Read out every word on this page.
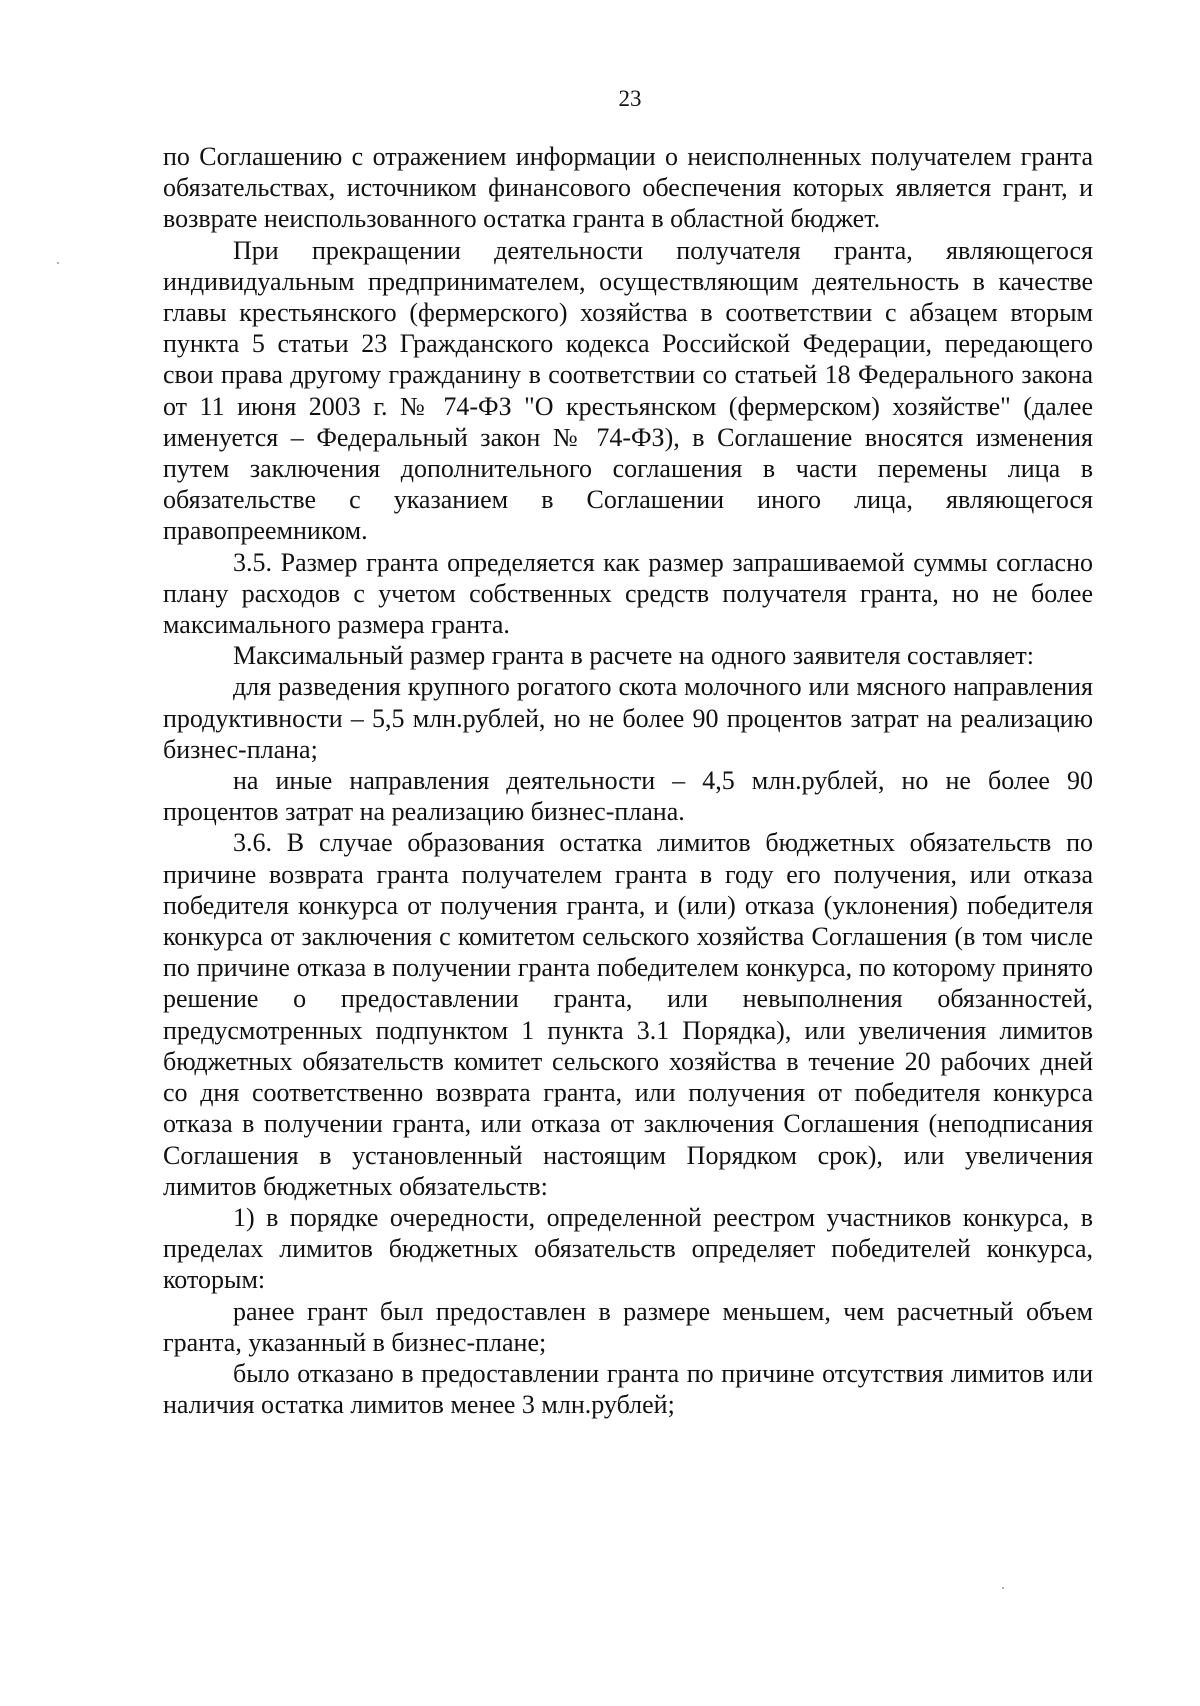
23

по Соглашению с отражением информации о неисполненных получателем гранта обязательствах, источником финансового обеспечения которых является грант, и возврате неиспользованного остатка гранта в областной бюджет.

При прекращении деятельности получателя гранта, являющегося индивидуальным предпринимателем, осуществляющим деятельность в качестве главы крестьянского (фермерского) хозяйства в соответствии с абзацем вторым пункта 5 статьи 23 Гражданского кодекса Российской Федерации, передающего свои права другому гражданину в соответствии со статьей 18 Федерального закона от 11 июня 2003 г. № 74-ФЗ "О крестьянском (фермерском) хозяйстве" (далее именуется – Федеральный закон № 74-ФЗ), в Соглашение вносятся изменения путем заключения дополнительного соглашения в части перемены лица в обязательстве с указанием в Соглашении иного лица, являющегося правопреемником.

3.5. Размер гранта определяется как размер запрашиваемой суммы согласно плану расходов с учетом собственных средств получателя гранта, но не более максимального размера гранта.

Максимальный размер гранта в расчете на одного заявителя составляет:

для разведения крупного рогатого скота молочного или мясного направления продуктивности – 5,5 млн.рублей, но не более 90 процентов затрат на реализацию бизнес-плана;

на иные направления деятельности – 4,5 млн.рублей, но не более 90 процентов затрат на реализацию бизнес-плана.

3.6. В случае образования остатка лимитов бюджетных обязательств по причине возврата гранта получателем гранта в году его получения, или отказа победителя конкурса от получения гранта, и (или) отказа (уклонения) победителя конкурса от заключения с комитетом сельского хозяйства Соглашения (в том числе по причине отказа в получении гранта победителем конкурса, по которому принято решение о предоставлении гранта, или невыполнения обязанностей, предусмотренных подпунктом 1 пункта 3.1 Порядка), или увеличения лимитов бюджетных обязательств комитет сельского хозяйства в течение 20 рабочих дней со дня соответственно возврата гранта, или получения от победителя конкурса отказа в получении гранта, или отказа от заключения Соглашения (неподписания Соглашения в установленный настоящим Порядком срок), или увеличения лимитов бюджетных обязательств:

1) в порядке очередности, определенной реестром участников конкурса, в пределах лимитов бюджетных обязательств определяет победителей конкурса, которым:

ранее грант был предоставлен в размере меньшем, чем расчетный объем гранта, указанный в бизнес-плане;

было отказано в предоставлении гранта по причине отсутствия лимитов или наличия остатка лимитов менее 3 млн.рублей;
